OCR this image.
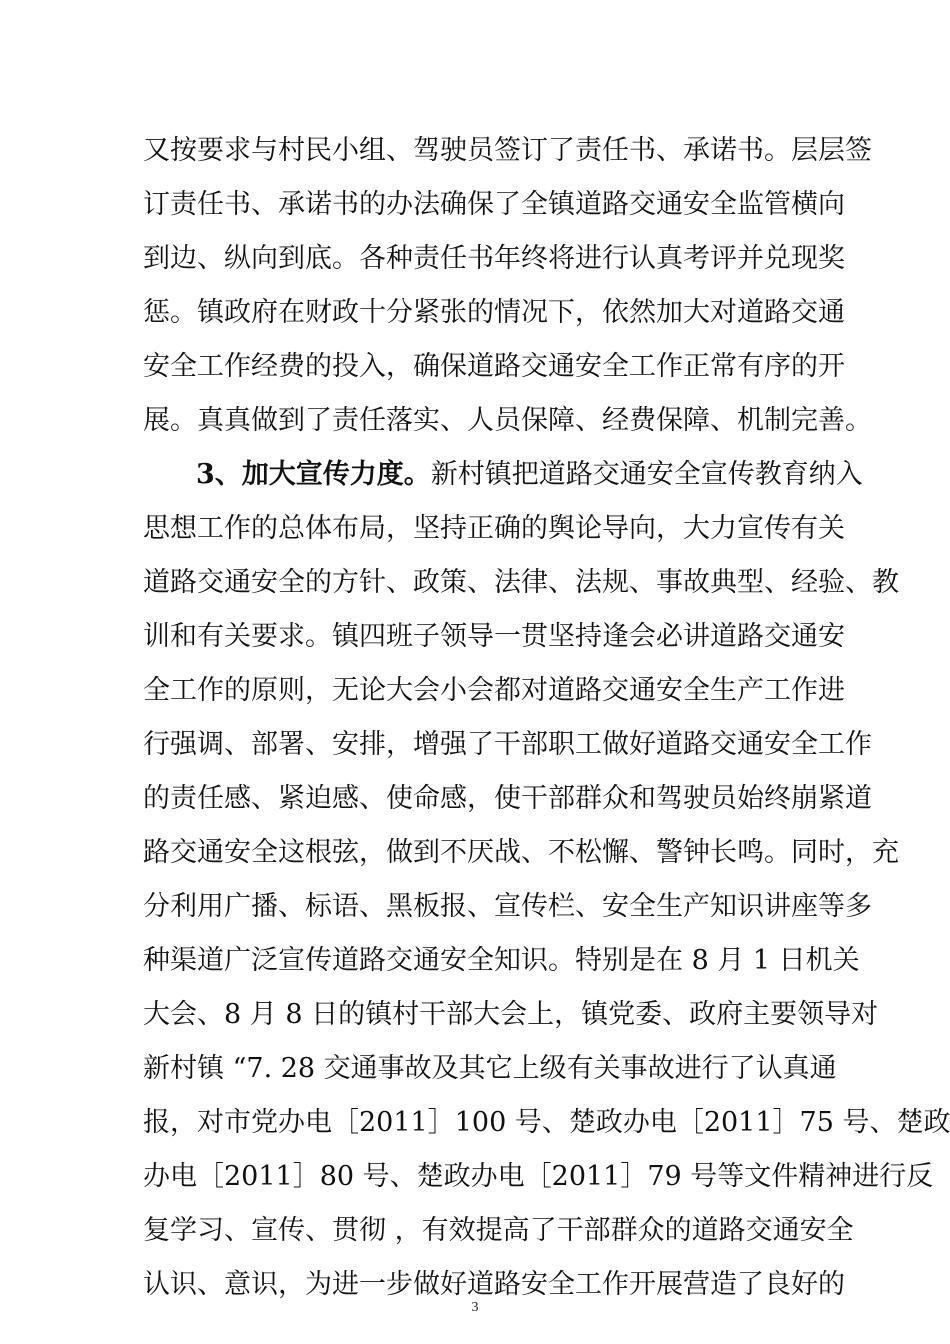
又按要求与村民小组、驾驶员签订了责任书、承诺书。层层签
订责任书、承诺书的办法确保了全镇道路交通安全监管横向
到边、纵向到底。各种责任书年终将进行认真考评并兑现奖
惩。镇政府在财政十分紧张的情况下，依然加大对道路交通
安全工作经费的投入，确保道路交通安全工作正常有序的开
展。真真做到了责任落实、人员保障、经费保障、机制完善。
3、加大宣传力度。新村镇把道路交通安全宣传教育纳入
思想工作的总体布局，坚持正确的舆论导向，大力宣传有关
道路交通安全的方针、政策、法律、法规、事故典型、经验、教
训和有关要求。镇四班子领导一贯坚持逢会必讲道路交通安
全工作的原则，无论大会小会都对道路交通安全生产工作进
行强调、部署、安排，增强了干部职工做好道路交通安全工作
的责任感、紧迫感、使命感，使干部群众和驾驶员始终崩紧道
路交通安全这根弦，做到不厌战、不松懈、警钟长鸣。同时，充
分利用广播、标语、黑板报、宣传栏、安全生产知识讲座等多
种渠道广泛宣传道路交通安全知识。特别是在 8 月 1 日机关
大会、8 月 8 日的镇村干部大会上，镇党委、政府主要领导对
新村镇 “7. 28 交通事故及其它上级有关事故进行了认真通
报，对市党办电［2011］100 号、楚政办电［2011］75 号、楚政
办电［2011］80 号、楚政办电［2011］79 号等文件精神进行反
复学习、宣传、贯彻 ，有效提高了干部群众的道路交通安全
认识、意识，为进一步做好道路安全工作开展营造了良好的
3
